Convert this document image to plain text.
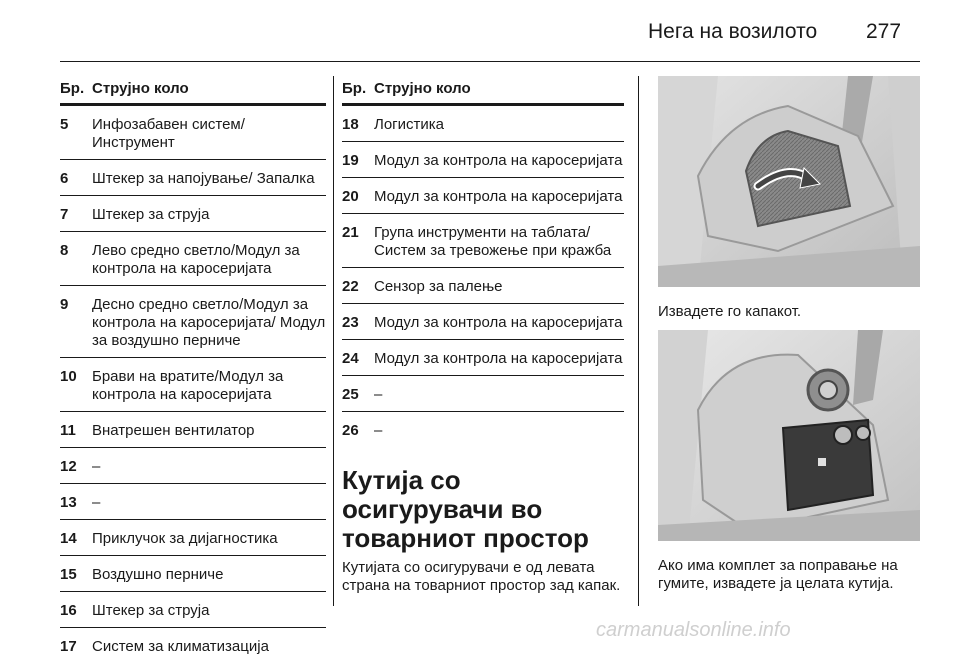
Нега на возилото 277
Бр. Струјно коло
5	Инфозабавен систем/ Инструмент
6	Штекер за напојување/ Запалка
7	Штекер за струја
8	Лево средно светло/Модул за контрола на каросеријата
9	Десно средно светло/Модул за контрола на каросеријата/ Модул за воздушно перниче
10	Брави на вратите/Модул за контрола на каросеријата
11	Внатрешен вентилатор
12	–
13	–
14	Приклучок за дијагностика
15	Воздушно перниче
16	Штекер за струја
17	Систем за климатизација
Бр. Струјно коло
18	Логистика
19	Модул за контрола на каросеријата
20	Модул за контрола на каросеријата
21	Група инструменти на таблата/Систем за тревожење при кражба
22	Сензор за палење
23	Модул за контрола на каросеријата
24	Модул за контрола на каросеријата
25	–
26	–
Кутија со осигурувачи во товарниот простор
Кутијата со осигурувачи е од левата страна на товарниот простор зад капак.
Извадете го капакот.
Ако има комплет за поправање на гумите, извадете ја целата кутија.
carmanualsonline.info
